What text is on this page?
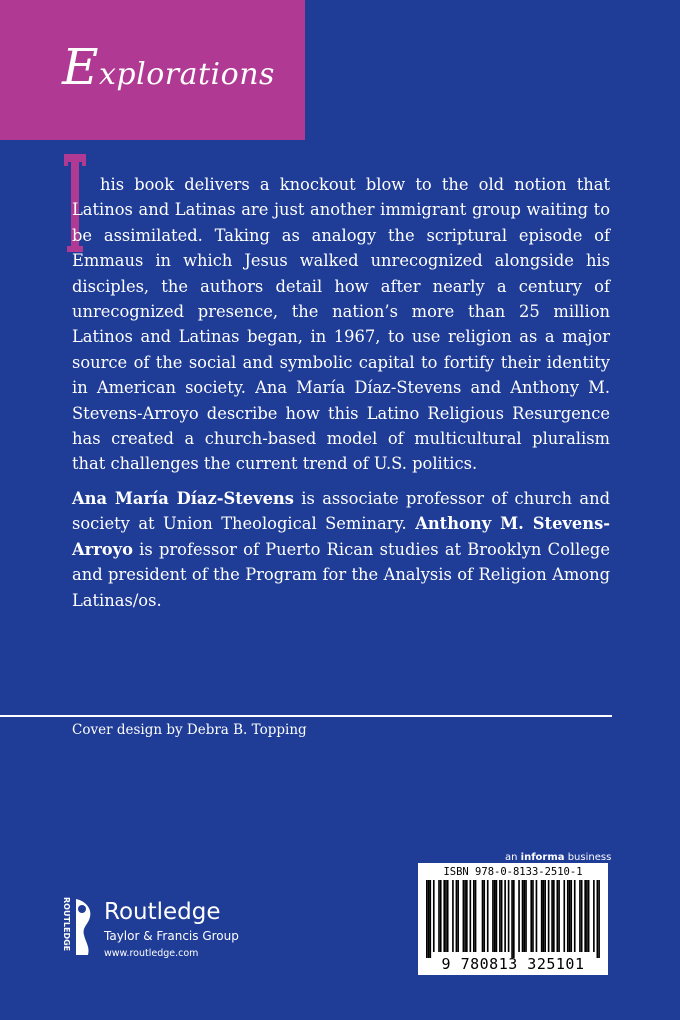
Explorations
his book delivers a knockout blow to the old notion that Latinos and Latinas are just another immigrant group waiting to be assimilated. Taking as analogy the scriptural episode of Emmaus in which Jesus walked unrecognized alongside his disciples, the authors detail how after nearly a century of unrecognized presence, the nation’s more than 25 million Latinos and Latinas began, in 1967, to use religion as a major source of the social and symbolic capital to fortify their identity in American society. Ana María Díaz-Stevens and Anthony M. Stevens-Arroyo describe how this Latino Religious Resurgence has created a church-based model of multicultural pluralism that challenges the current trend of U.S. politics.
Ana María Díaz-Stevens is associate professor of church and society at Union Theological Seminary. Anthony M. Stevens-Arroyo is professor of Puerto Rican studies at Brooklyn College and president of the Program for the Analysis of Religion Among Latinas/os.
Cover design by Debra B. Topping
ROUTLEDGE Routledge
Taylor & Francis Group
www.routledge.com
an informa business
ISBN 978-0-8133-2510-1
9 780813 325101
